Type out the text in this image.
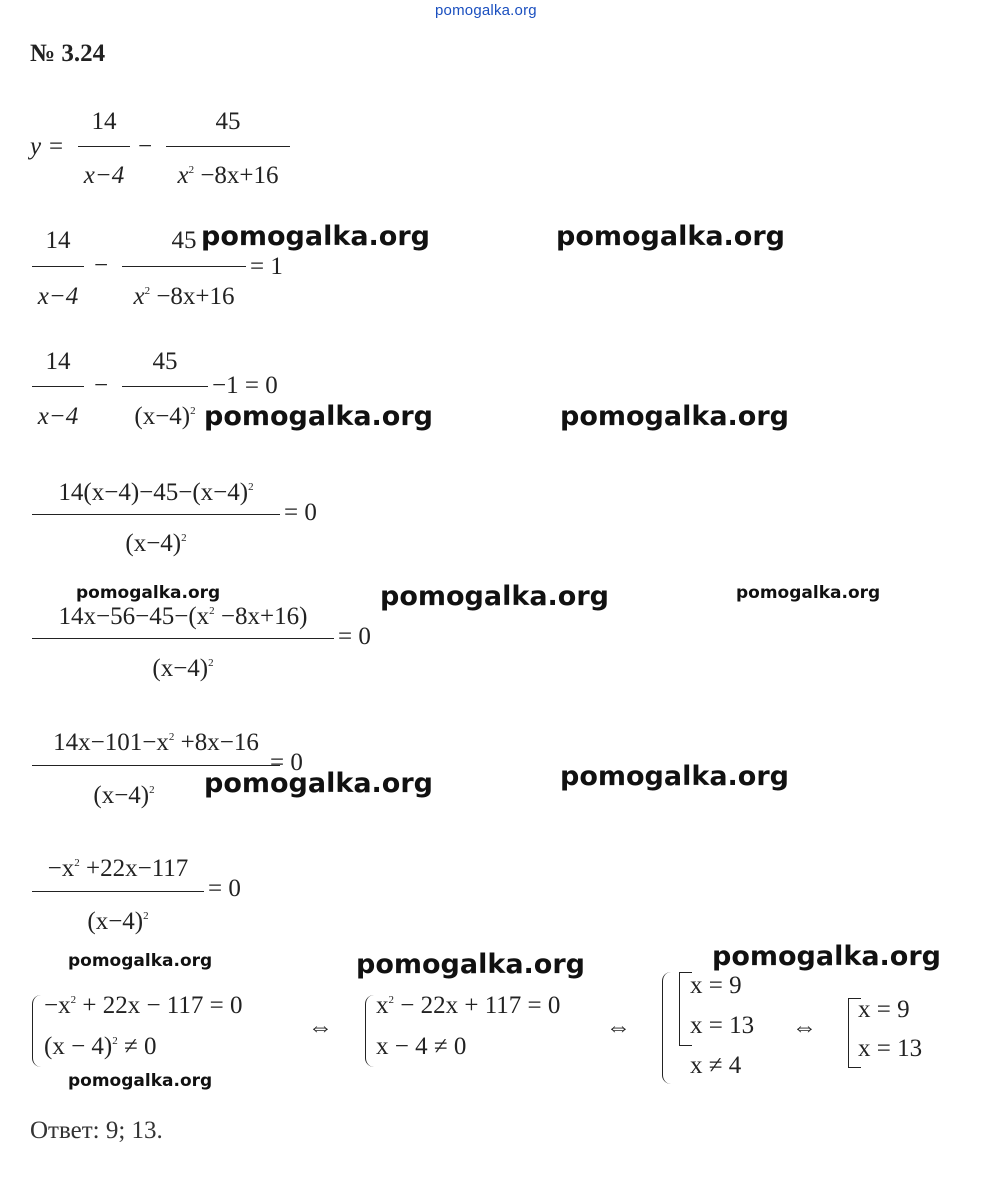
pomogalka.org
№ 3.24
y =
14
x−4
−
45
$x^2 -8x+16$
14
x−4
−
45
$x^2 -8x+16$
= 1
14
x−4
−
45
$(x-4)^2$
−1 = 0
$14(x-4)-45-(x-4)^2$
$(x-4)^2$
= 0
$14x-56-45-(x^2 -8x+16)$
$(x-4)^2$
= 0
$14x-101-x^2 +8x-16$
$(x-4)^2$
= 0
$-x^2 +22x-117$
$(x-4)^2$
= 0
$-x^2 + 22x - 117 = 0$
$(x - 4)^2 \ne 0$
⇔
$x^2 - 22x + 117 = 0$
x − 4 ≠ 0
⇔
x = 9
x = 13
x ≠ 4
⇔
x = 9
x = 13
Ответ: 9; 13.
pomogalka.org	pomogalka.org
pomogalka.org	pomogalka.org
pomogalka.org	pomogalka.org	pomogalka.org
pomogalka.org	pomogalka.org
pomogalka.org	pomogalka.org	pomogalka.org
pomogalka.org
